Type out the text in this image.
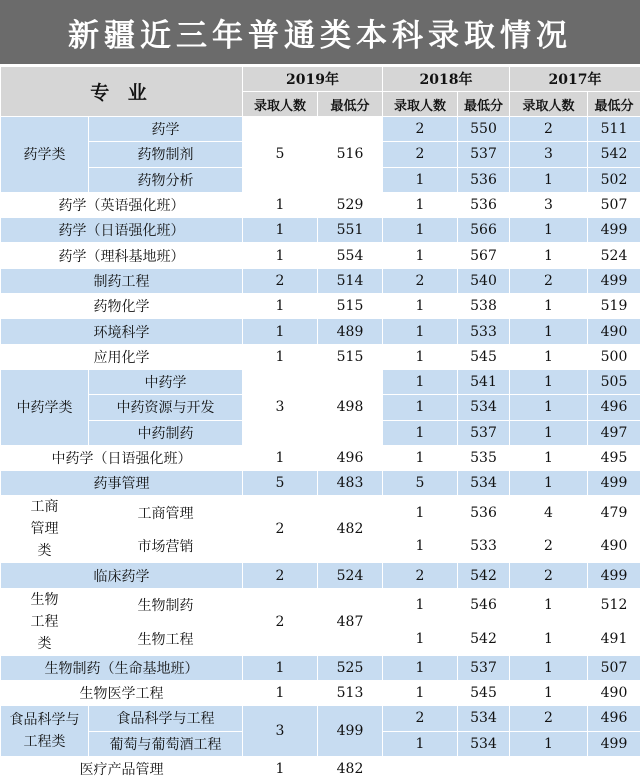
新疆近三年普通类本科录取情况
专 业		2019年		2018年		2017年	
		录取人数	最低分	录取人数	最低分	录取人数	最低分
药学类	药学	5	516	2	550	2	511
	药物制剂			2	537	3	542
	药物分析			1	536	1	502
药学（英语强化班）		1	529	1	536	3	507
药学（日语强化班）		1	551	1	566	1	499
药学（理科基地班）		1	554	1	567	1	524
制药工程		2	514	2	540	2	499
药物化学		1	515	1	538	1	519
环境科学		1	489	1	533	1	490
应用化学		1	515	1	545	1	500
中药学类	中药学	3	498	1	541	1	505
	中药资源与开发			1	534	1	496
	中药制药			1	537	1	497
中药学（日语强化班）		1	496	1	535	1	495
药事管理		5	483	5	534	1	499
工商管理类	工商管理	2	482	1	536	4	479
	市场营销			1	533	2	490
临床药学		2	524	2	542	2	499
生物工程类	生物制药	2	487	1	546	1	512
	生物工程			1	542	1	491
生物制药（生命基地班）		1	525	1	537	1	507
生物医学工程		1	513	1	545	1	490
食品科学与工程类	食品科学与工程	3	499	2	534	2	496
	葡萄与葡萄酒工程			1	534	1	499
医疗产品管理		1	482				
